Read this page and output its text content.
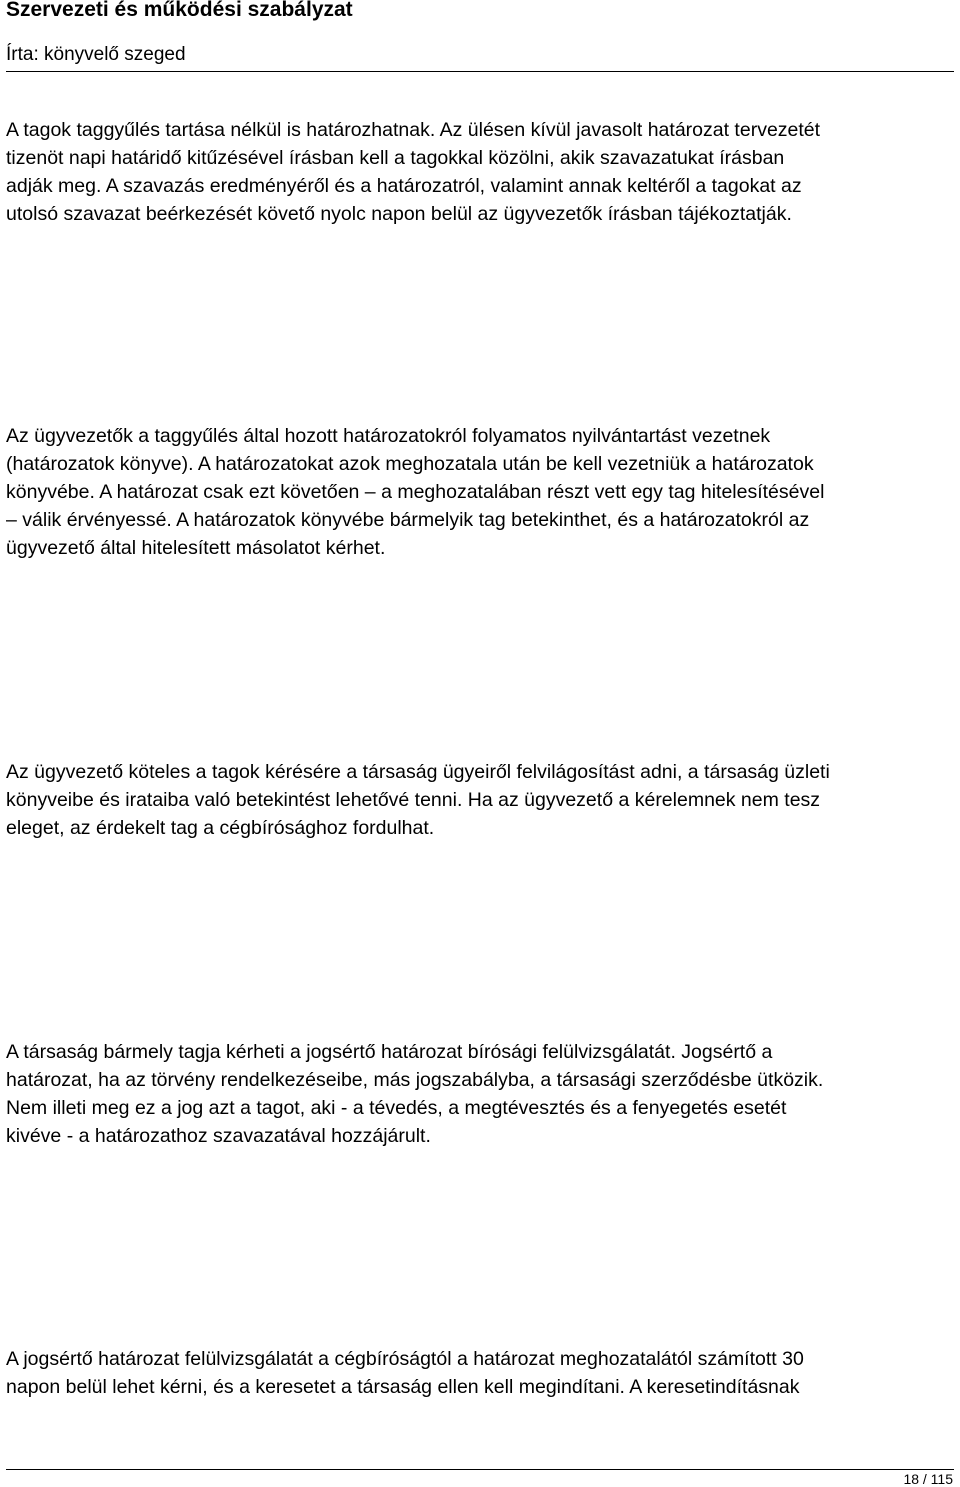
Szervezeti és működési szabályzat
Írta: könyvelő szeged

A tagok taggyűlés tartása nélkül is határozhatnak. Az ülésen kívül javasolt határozat tervezetét
tizenöt napi határidő kitűzésével írásban kell a tagokkal közölni, akik szavazatukat írásban
adják meg. A szavazás eredményéről és a határozatról, valamint annak keltéről a tagokat az
utolsó szavazat beérkezését követő nyolc napon belül az ügyvezetők írásban tájékoztatják.

Az ügyvezetők a taggyűlés által hozott határozatokról folyamatos nyilvántartást vezetnek
(határozatok könyve). A határozatokat azok meghozatala után be kell vezetniük a határozatok
könyvébe. A határozat csak ezt követően – a meghozatalában részt vett egy tag hitelesítésével
– válik érvényessé. A határozatok könyvébe bármelyik tag betekinthet, és a határozatokról az
ügyvezető által hitelesített másolatot kérhet.

Az ügyvezető köteles a tagok kérésére a társaság ügyeiről felvilágosítást adni, a társaság üzleti
könyveibe és irataiba való betekintést lehetővé tenni. Ha az ügyvezető a kérelemnek nem tesz
eleget, az érdekelt tag a cégbírósághoz fordulhat.

A társaság bármely tagja kérheti a jogsértő határozat bírósági felülvizsgálatát. Jogsértő a
határozat, ha az törvény rendelkezéseibe, más jogszabályba, a társasági szerződésbe ütközik.
Nem illeti meg ez a jog azt a tagot, aki - a tévedés, a megtévesztés és a fenyegetés esetét
kivéve - a határozathoz szavazatával hozzájárult.

A jogsértő határozat felülvizsgálatát a cégbíróságtól a határozat meghozatalától számított 30
napon belül lehet kérni, és a keresetet a társaság ellen kell megindítani. A keresetindításnak

18 / 115
